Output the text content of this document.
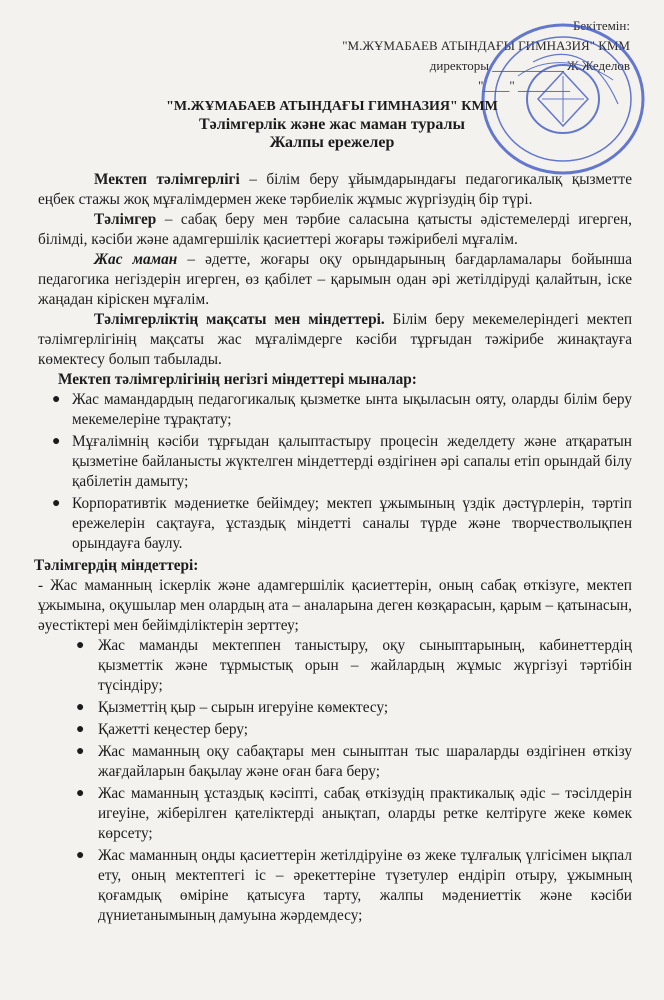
Бекітемін:
"М.ЖҰМАБАЕВ АТЫНДАҒЫ ГИМНАЗИЯ" КММ
директоры ___________ Ж.Жеделов
"____" ________
"М.ЖҰМАБАЕВ АТЫНДАҒЫ ГИМНАЗИЯ" КММ
Тәлімгерлік және жас маман туралы
Жалпы ережелер

Мектеп тәлімгерлігі – білім беру ұйымдарындағы педагогикалық қызметте еңбек стажы жоқ мұғалімдермен жеке тәрбиелік жұмыс жүргізудің бір түрі.

Тәлімгер – сабақ беру мен тәрбие саласына қатысты әдістемелерді игерген, білімді, кәсіби және адамгершілік қасиеттері жоғары тәжірибелі мұғалім.

Жас маман – әдетте, жоғары оқу орындарының бағдарламалары бойынша педагогика негіздерін игерген, өз қабілет – қарымын одан әрі жетілдіруді қалайтын, іске жаңадан кіріскен мұғалім.

Тәлімгерліктің мақсаты мен міндеттері. Білім беру мекемелеріндегі мектеп тәлімгерлігінің мақсаты жас мұғалімдерге кәсіби тұрғыдан тәжірибе жинақтауға көмектесу болып табылады.

Мектеп тәлімгерлігінің негізгі міндеттері мыналар:

● Жас мамандардың педагогикалық қызметке ынта ықыласын ояту, оларды білім беру мекемелеріне тұрақтату;
● Мұғалімнің кәсіби тұрғыдан қалыптастыру процесін жеделдету және атқаратын қызметіне байланысты жүктелген міндеттерді өздігінен әрі сапалы етіп орындай білу қабілетін дамыту;
● Корпоративтік мәдениетке бейімдеу; мектеп ұжымының үздік дәстүрлерін, тәртіп ережелерін сақтауға, ұстаздық міндетті саналы түрде және творчестволықпен орындауға баулу.

Тәлімгердің міндеттері:

- Жас маманның іскерлік және адамгершілік қасиеттерін, оның сабақ өткізуге, мектеп ұжымына, оқушылар мен олардың ата – аналарына деген көзқарасын, қарым – қатынасын, әуестіктері мен бейімділіктерін зерттеу;

● Жас маманды мектеппен таныстыру, оқу сыныптарының, кабинеттердің қызметтік және тұрмыстық орын – жайлардың жұмыс жүргізуі тәртібін түсіндіру;
● Қызметтің қыр – сырын игеруіне көмектесу;
● Қажетті кеңестер беру;
● Жас маманның оқу сабақтары мен сыныптан тыс шараларды өздігінен өткізу жағдайларын бақылау және оған баға беру;
● Жас маманның ұстаздық кәсіпті, сабақ өткізудің практикалық әдіс – тәсілдерін игеуіне, жіберілген қателіктерді анықтап, оларды ретке келтіруге жеке көмек көрсету;
● Жас маманның оңды қасиеттерін жетілдіруіне өз жеке тұлғалық үлгісімен ықпал ету, оның мектептегі іс – әрекеттеріне түзетулер ендіріп отыру, ұжымның қоғамдық өміріне қатысуға тарту, жалпы мәдениеттік және кәсіби дүниетанымының дамуына жәрдемдесу;
